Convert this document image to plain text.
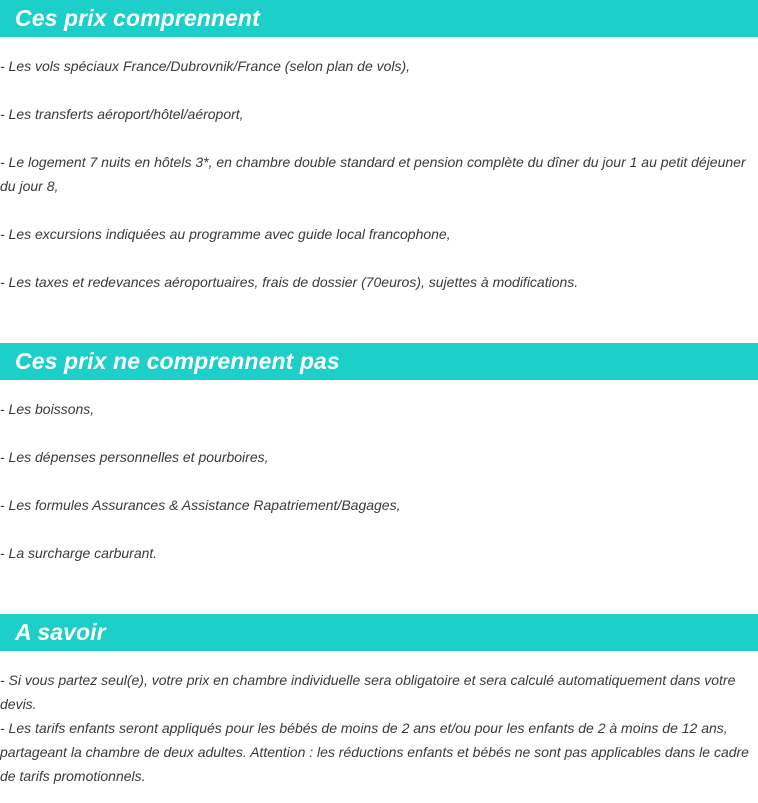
Ces prix comprennent

- Les vols spéciaux France/Dubrovnik/France (selon plan de vols),

- Les transferts aéroport/hôtel/aéroport,

- Le logement 7 nuits en hôtels 3*, en chambre double standard et pension complète du dîner du jour 1 au petit déjeuner du jour 8,

- Les excursions indiquées au programme avec guide local francophone,

- Les taxes et redevances aéroportuaires, frais de dossier (70euros), sujettes à modifications.

Ces prix ne comprennent pas

- Les boissons,

- Les dépenses personnelles et pourboires,

- Les formules Assurances & Assistance Rapatriement/Bagages,

- La surcharge carburant.

A savoir

- Si vous partez seul(e), votre prix en chambre individuelle sera obligatoire et sera calculé automatiquement dans votre devis.

- Les tarifs enfants seront appliqués pour les bébés de moins de 2 ans et/ou pour les enfants de 2 à moins de 12 ans, partageant la chambre de deux adultes. Attention : les réductions enfants et bébés ne sont pas applicables dans le cadre de tarifs promotionnels.
